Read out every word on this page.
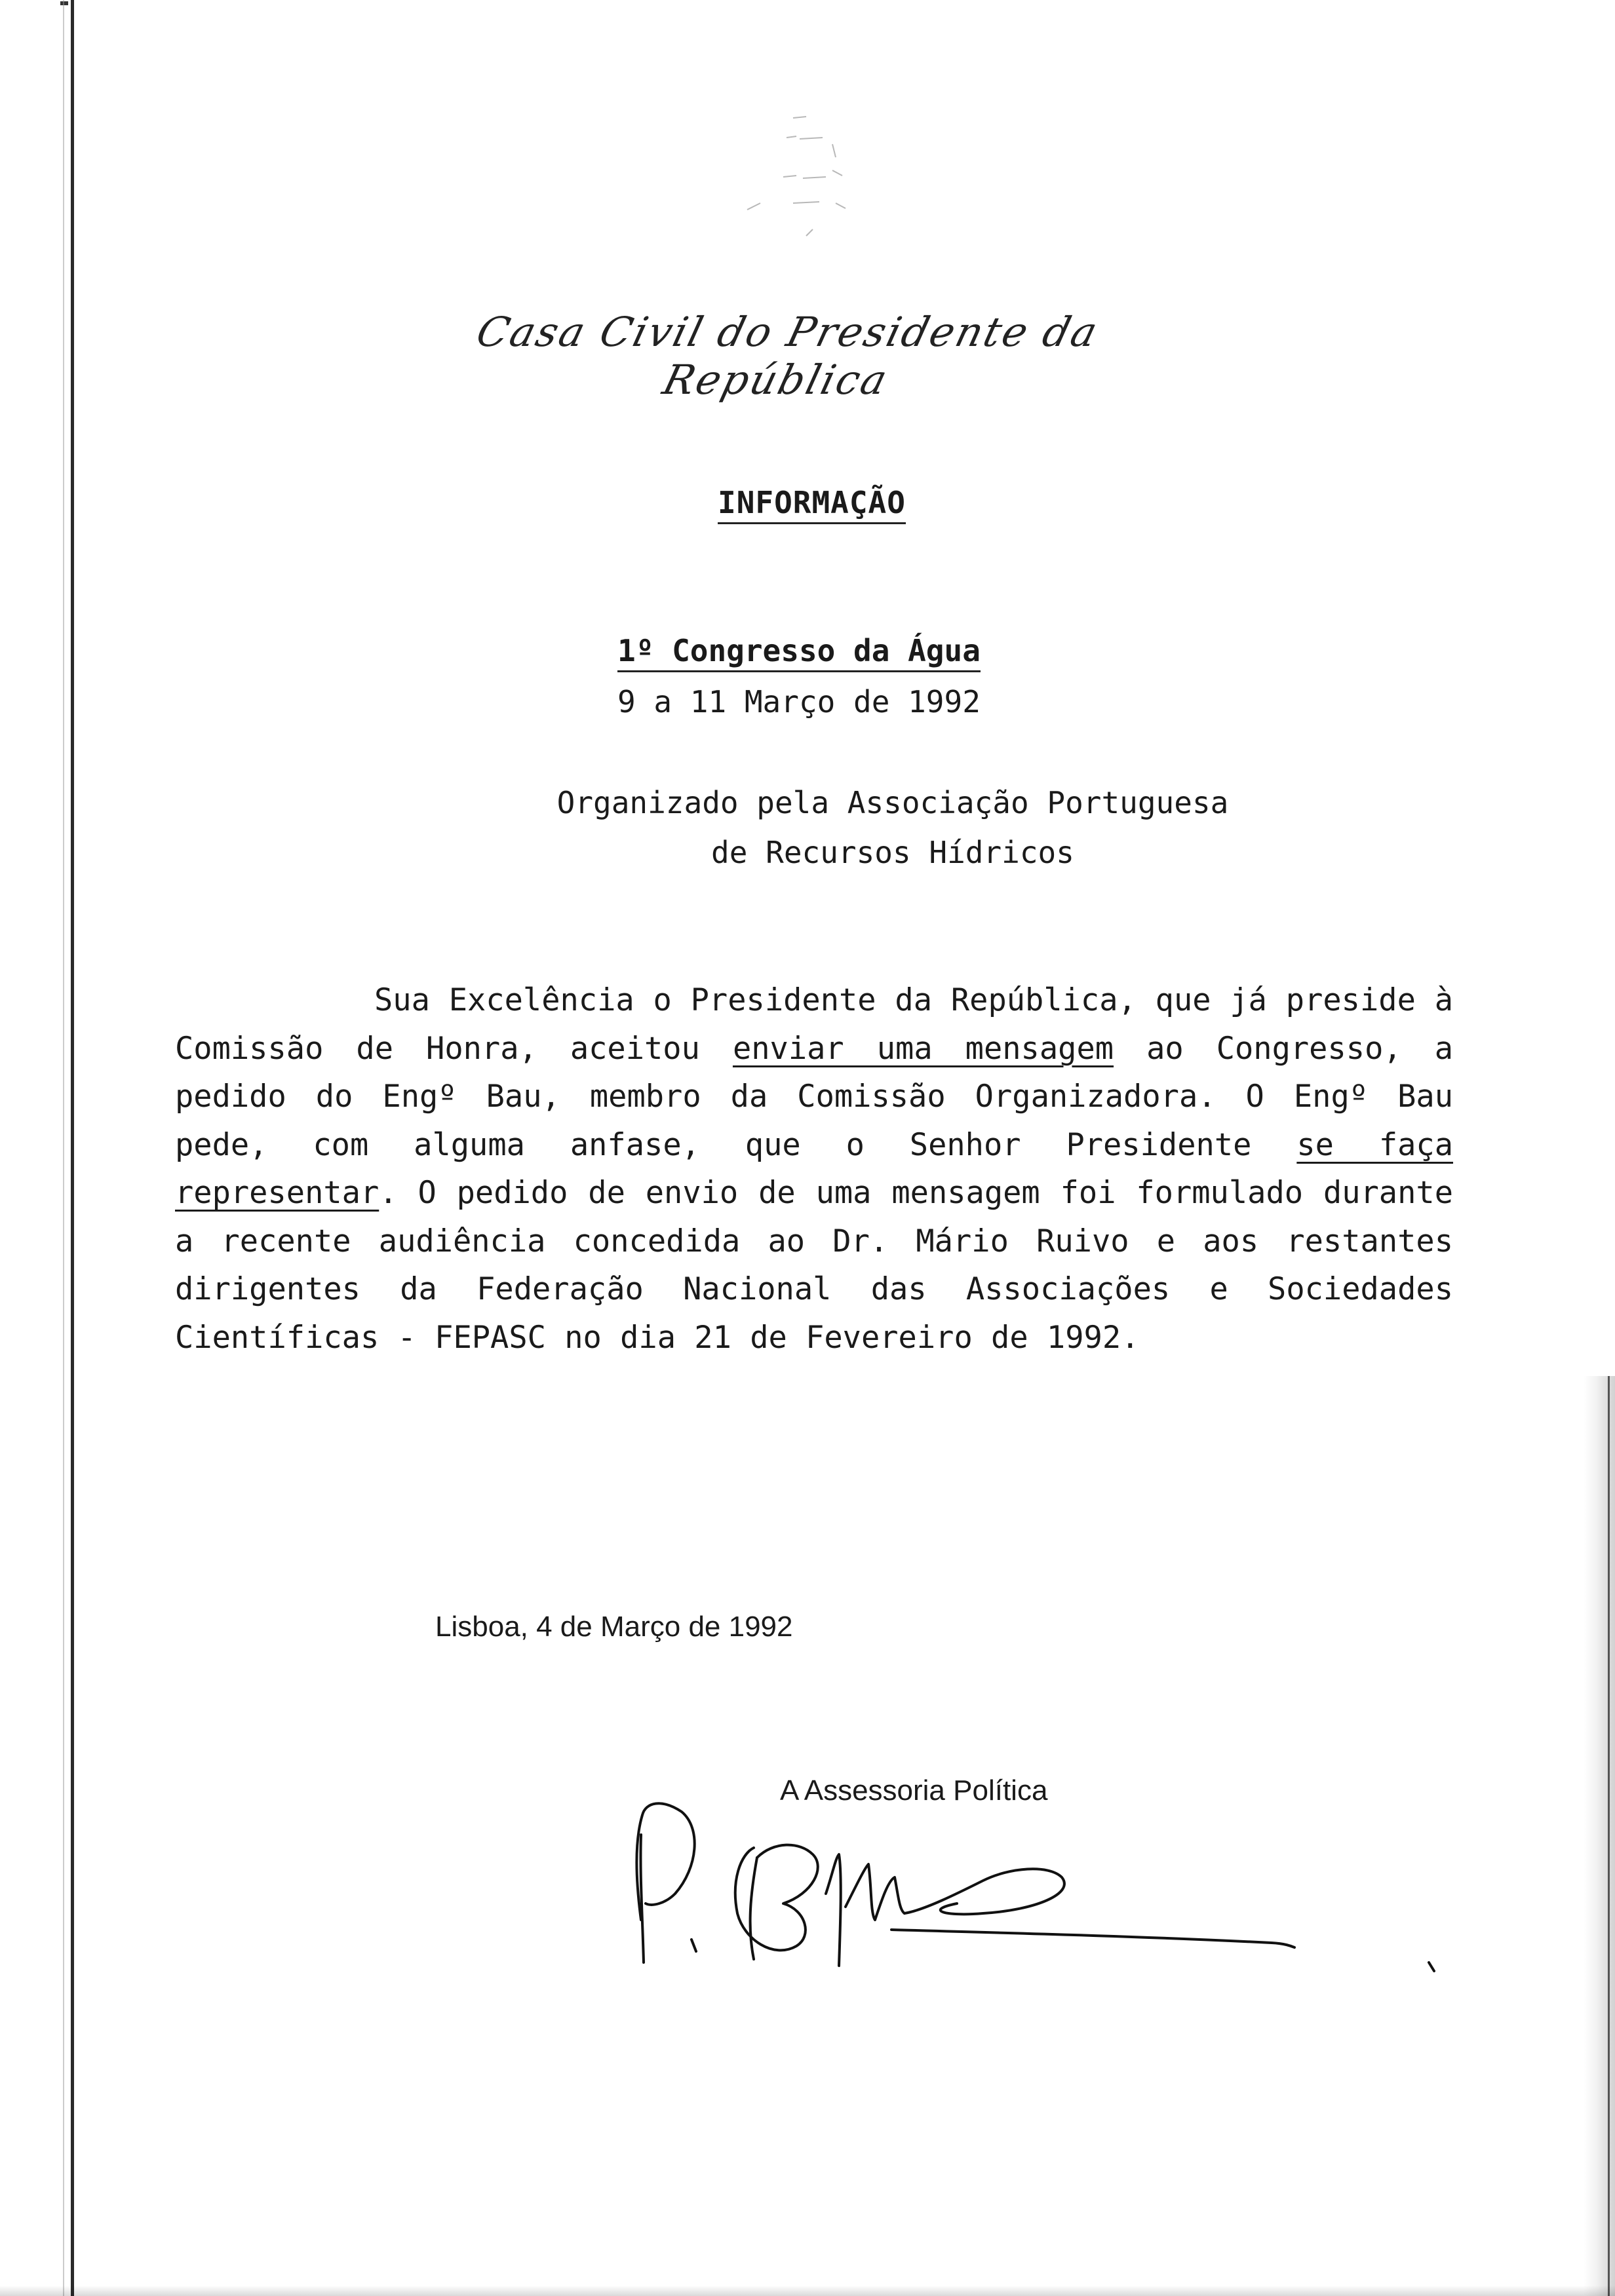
Casa Civil do Presidente da República
INFORMAÇÃO
1º Congresso da Água
9 a 11 Março de 1992
Organizado pela Associação Portuguesa
de Recursos Hídricos
Sua Excelência o Presidente da República, que já preside à Comissão de Honra, aceitou enviar uma mensagem ao Congresso, a pedido do Engº Bau, membro da Comissão Organizadora. O Engº Bau pede, com alguma anfase, que o Senhor Presidente se faça representar. O pedido de envio de uma mensagem foi formulado durante a recente audiência concedida ao Dr. Mário Ruivo e aos restantes dirigentes da Federação Nacional das Associações e Sociedades Científicas - FEPASC no dia 21 de Fevereiro de 1992.
Lisboa, 4 de Março de 1992
A Assessoria Política
